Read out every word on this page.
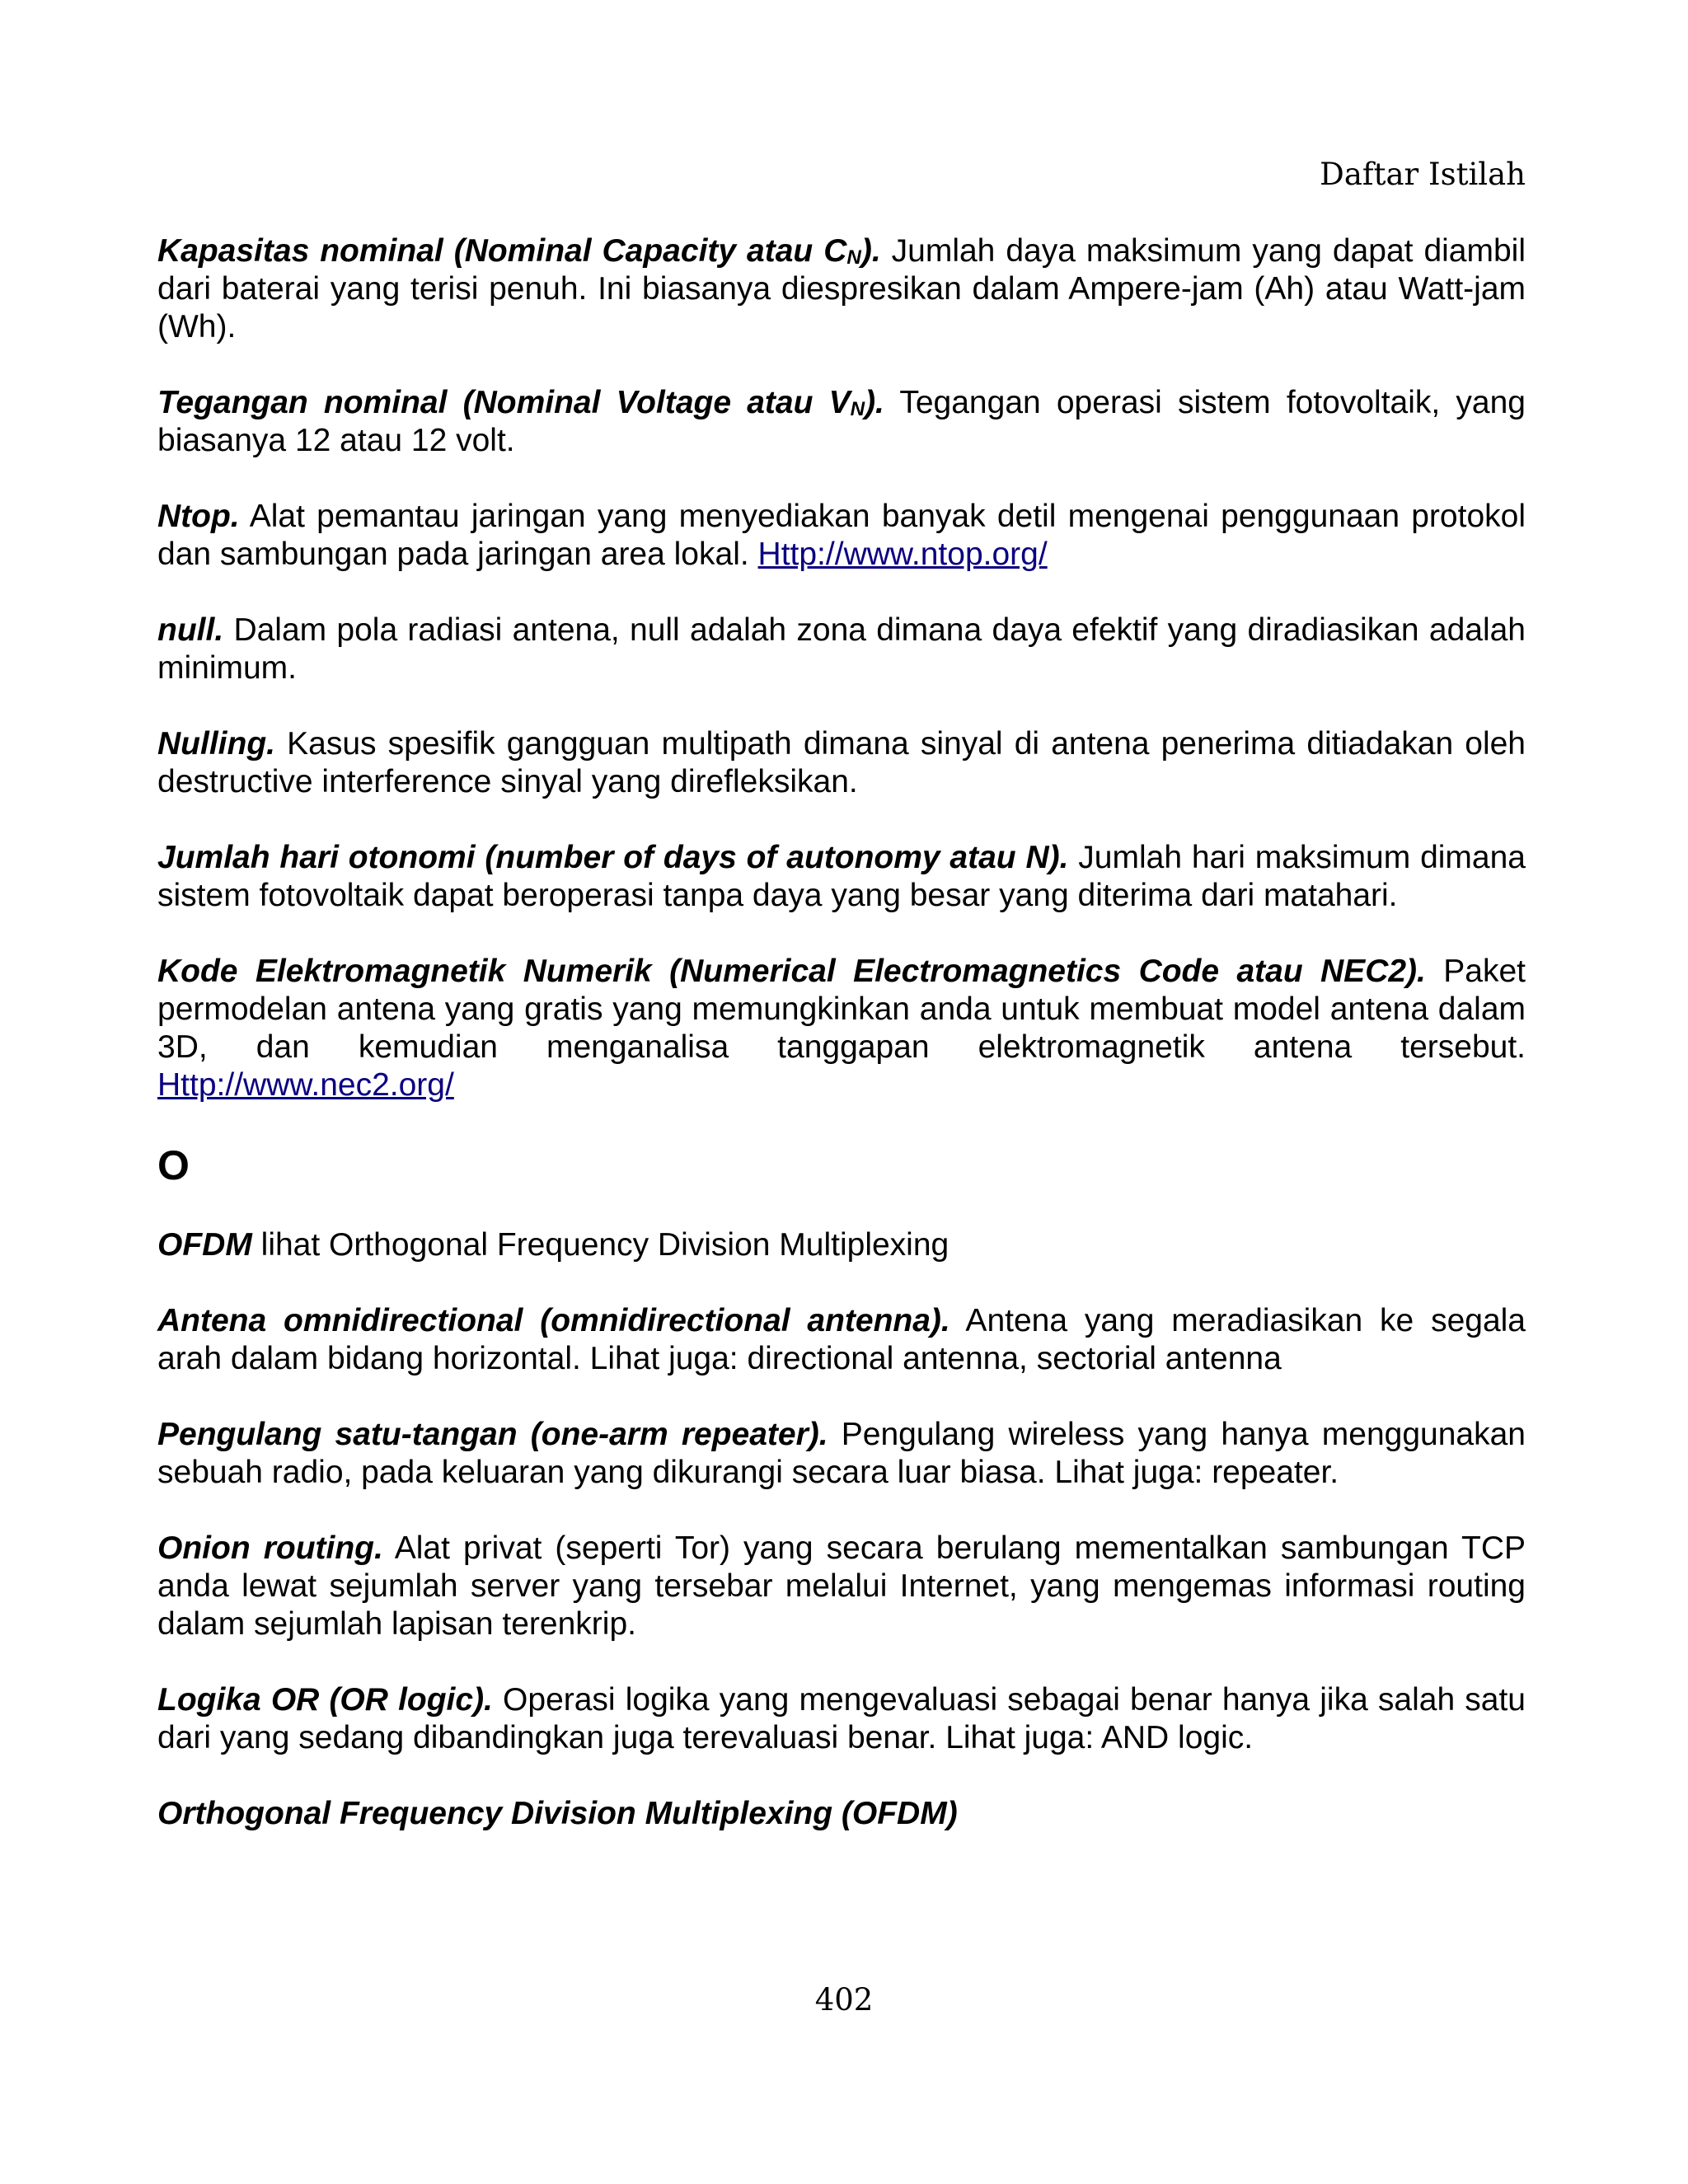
Daftar Istilah

Kapasitas nominal (Nominal Capacity atau CN). Jumlah daya maksimum yang dapat diambil dari baterai yang terisi penuh. Ini biasanya diespresikan dalam Ampere-jam (Ah) atau Watt-jam (Wh).

Tegangan nominal (Nominal Voltage atau VN). Tegangan operasi sistem fotovoltaik, yang biasanya 12 atau 12 volt.

Ntop. Alat pemantau jaringan yang menyediakan banyak detil mengenai penggunaan protokol dan sambungan pada jaringan area lokal. Http://www.ntop.org/

null. Dalam pola radiasi antena, null adalah zona dimana daya efektif yang diradiasikan adalah minimum.

Nulling. Kasus spesifik gangguan multipath dimana sinyal di antena penerima ditiadakan oleh destructive interference sinyal yang direfleksikan.

Jumlah hari otonomi (number of days of autonomy atau N). Jumlah hari maksimum dimana sistem fotovoltaik dapat beroperasi tanpa daya yang besar yang diterima dari matahari.

Kode Elektromagnetik Numerik (Numerical Electromagnetics Code atau NEC2). Paket permodelan antena yang gratis yang memungkinkan anda untuk membuat model antena dalam 3D, dan kemudian menganalisa tanggapan elektromagnetik antena tersebut. Http://www.nec2.org/

O

OFDM lihat Orthogonal Frequency Division Multiplexing

Antena omnidirectional (omnidirectional antenna). Antena yang meradiasikan ke segala arah dalam bidang horizontal. Lihat juga: directional antenna, sectorial antenna

Pengulang satu-tangan (one-arm repeater). Pengulang wireless yang hanya menggunakan sebuah radio, pada keluaran yang dikurangi secara luar biasa. Lihat juga: repeater.

Onion routing. Alat privat (seperti Tor) yang secara berulang mementalkan sambungan TCP anda lewat sejumlah server yang tersebar melalui Internet, yang mengemas informasi routing dalam sejumlah lapisan terenkrip.

Logika OR (OR logic). Operasi logika yang mengevaluasi sebagai benar hanya jika salah satu dari yang sedang dibandingkan juga terevaluasi benar. Lihat juga: AND logic.

Orthogonal Frequency Division Multiplexing (OFDM)

402
